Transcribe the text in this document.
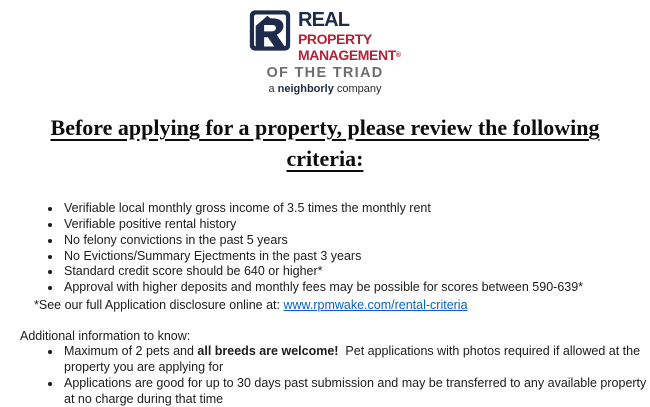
REAL
PROPERTY
MANAGEMENT®
OF THE TRIAD
a neighborly company
Before applying for a property, please review the following criteria:
• Verifiable local monthly gross income of 3.5 times the monthly rent
• Verifiable positive rental history
• No felony convictions in the past 5 years
• No Evictions/Summary Ejectments in the past 3 years
• Standard credit score should be 640 or higher*
• Approval with higher deposits and monthly fees may be possible for scores between 590-639*

*See our full Application disclosure online at: www.rpmwake.com/rental-criteria

Additional information to know:

• Maximum of 2 pets and all breeds are welcome!  Pet applications with photos required if allowed at the property you are applying for
• Applications are good for up to 30 days past submission and may be transferred to any available property at no charge during that time
